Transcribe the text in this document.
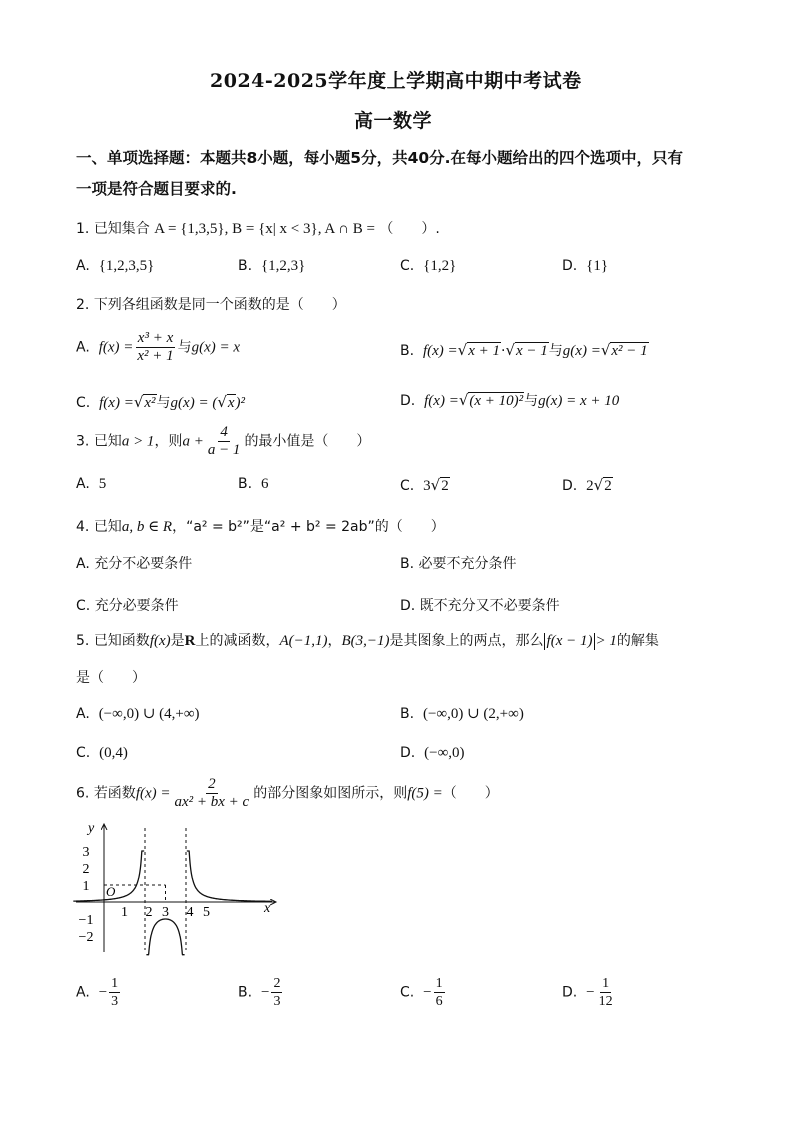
2024-2025学年度上学期高中期中考试卷
高一数学
一、单项选择题：本题共8小题，每小题5分，共40分.在每小题给出的四个选项中，只有
一项是符合题目要求的.
1. 已知集合 A = {1,3,5}, B = {x| x < 3}, A ∩ B = （　　）.
A. {1,2,3,5}	B. {1,2,3}	C. {1,2}	D. {1}
2. 下列各组函数是同一个函数的是（　　）
A. $f(x) = \frac{\text{x³ + x}}{\text{x² + 1}}$ 与g(x) = x	B. f(x) =√x + 1·√x − 1与g(x) =√x² − 1
C. f(x) =√x²与g(x) = (√x)²	D. f(x) =√(x + 10)²与g(x) = x + 10
3. 已知a > 1，则$a + \frac{4}{a - 1}$ 的最小值是（　　）
A. 5	B. 6	C. 3√2	D. 2√2
4. 已知a, b ∈ R，“a² = b²”是“a² + b² = 2ab”的（　　）
A. 充分不必要条件	B. 必要不充分条件
C. 充分必要条件	D. 既不充分又不必要条件
5. 已知函数f(x)是R上的减函数，A(−1,1)，B(3,−1)是其图象上的两点，那么 f(x − 1) > 1的解集
是（　　）
A. (−∞,0) ∪ (4,+∞)	B. (−∞,0) ∪ (2,+∞)
C. (0,4)	D. (−∞,0)
6. 若函数$f(x) = \frac{2}{\text{ax² + bx + c}}$ 的部分图象如图所示，则f(5) =（　　）
y
x
O
3
2
1
−1
−2
1 2 3 4 5
A. − $\frac{1}{3}$	B. − $\frac{2}{3}$	C. − $\frac{1}{6}$	D. − $\frac{1}{12}$
